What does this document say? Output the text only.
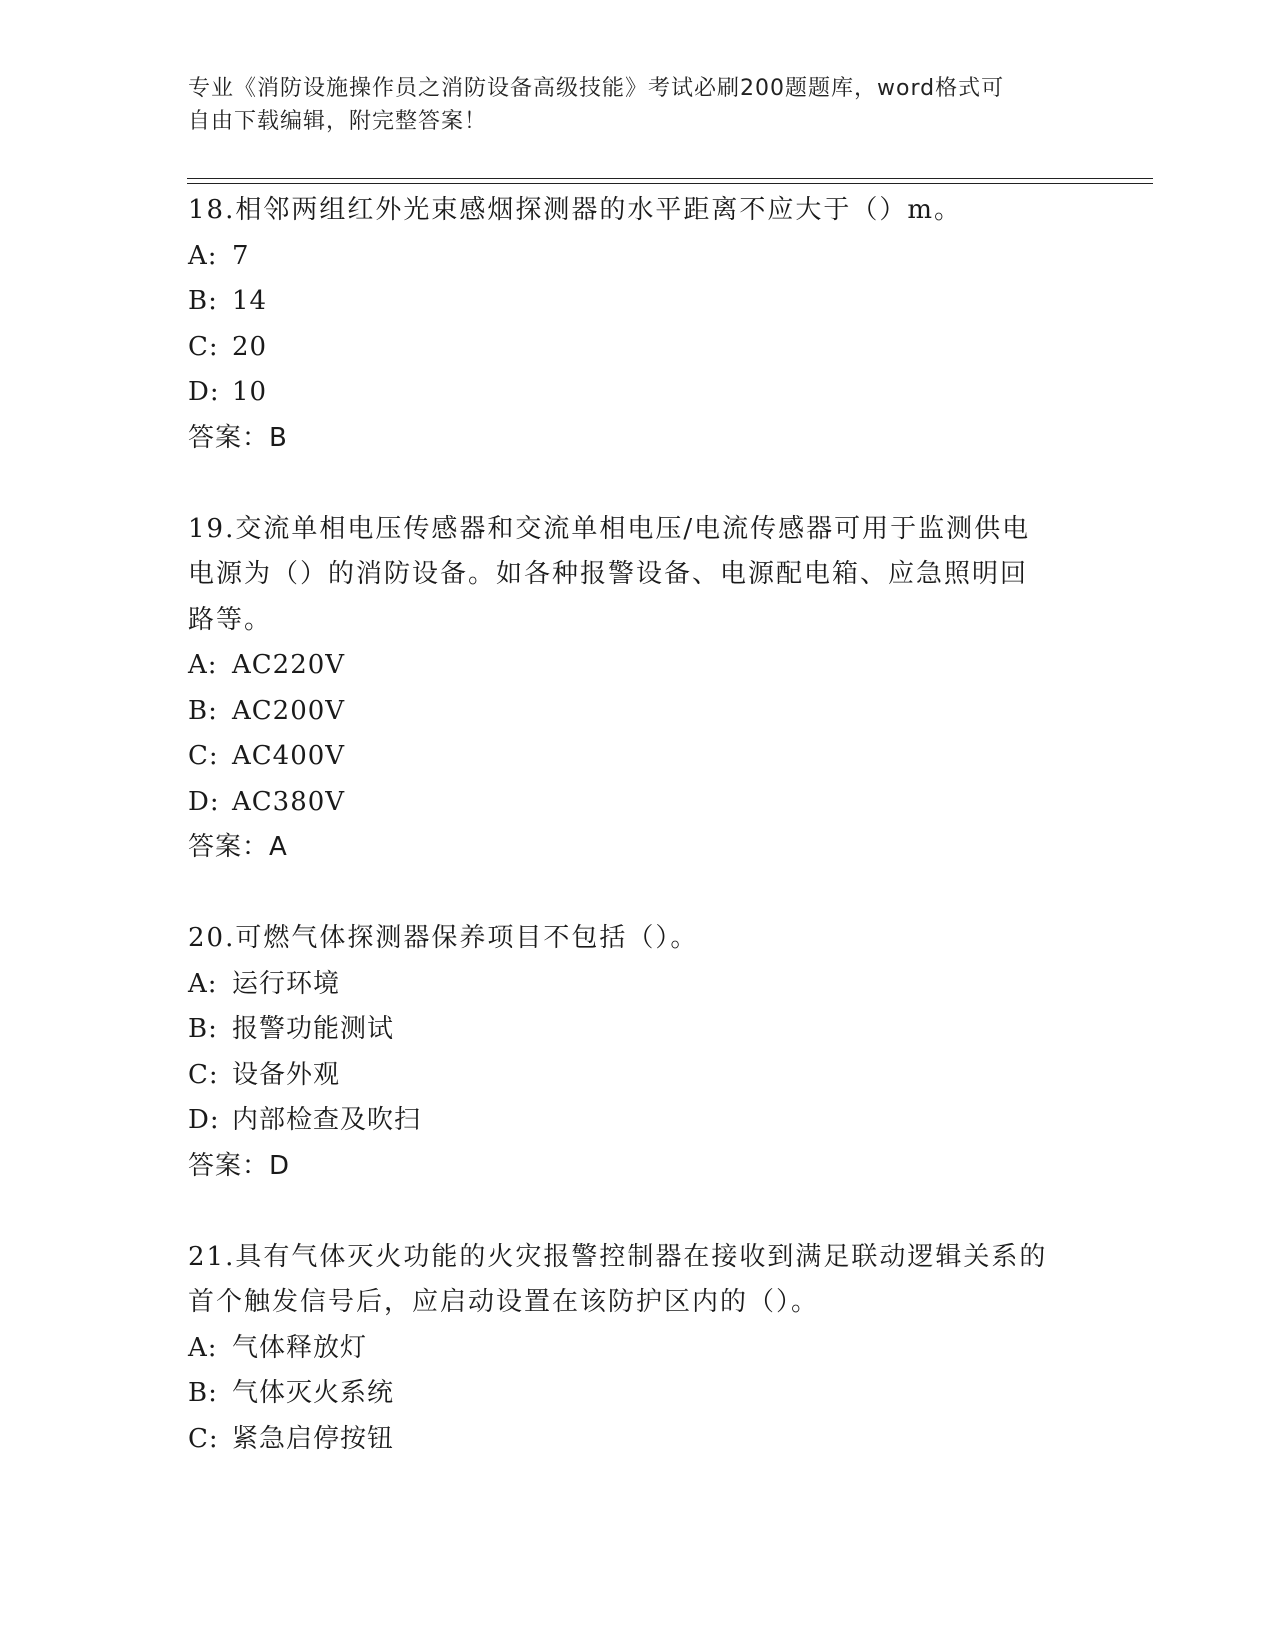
专业《消防设施操作员之消防设备高级技能》考试必刷200题题库，word格式可
自由下载编辑，附完整答案！

18.相邻两组红外光束感烟探测器的水平距离不应大于（）m。

A: 7

B: 14

C: 20

D: 10

答案：B

19.交流单相电压传感器和交流单相电压/电流传感器可用于监测供电

电源为（）的消防设备。如各种报警设备、电源配电箱、应急照明回

路等。

A: AC220V

B: AC200V

C: AC400V

D: AC380V

答案：A

20.可燃气体探测器保养项目不包括（）。

A: 运行环境

B: 报警功能测试

C: 设备外观

D: 内部检查及吹扫

答案：D

21.具有气体灭火功能的火灾报警控制器在接收到满足联动逻辑关系的

首个触发信号后，应启动设置在该防护区内的（）。

A: 气体释放灯

B: 气体灭火系统

C: 紧急启停按钮
